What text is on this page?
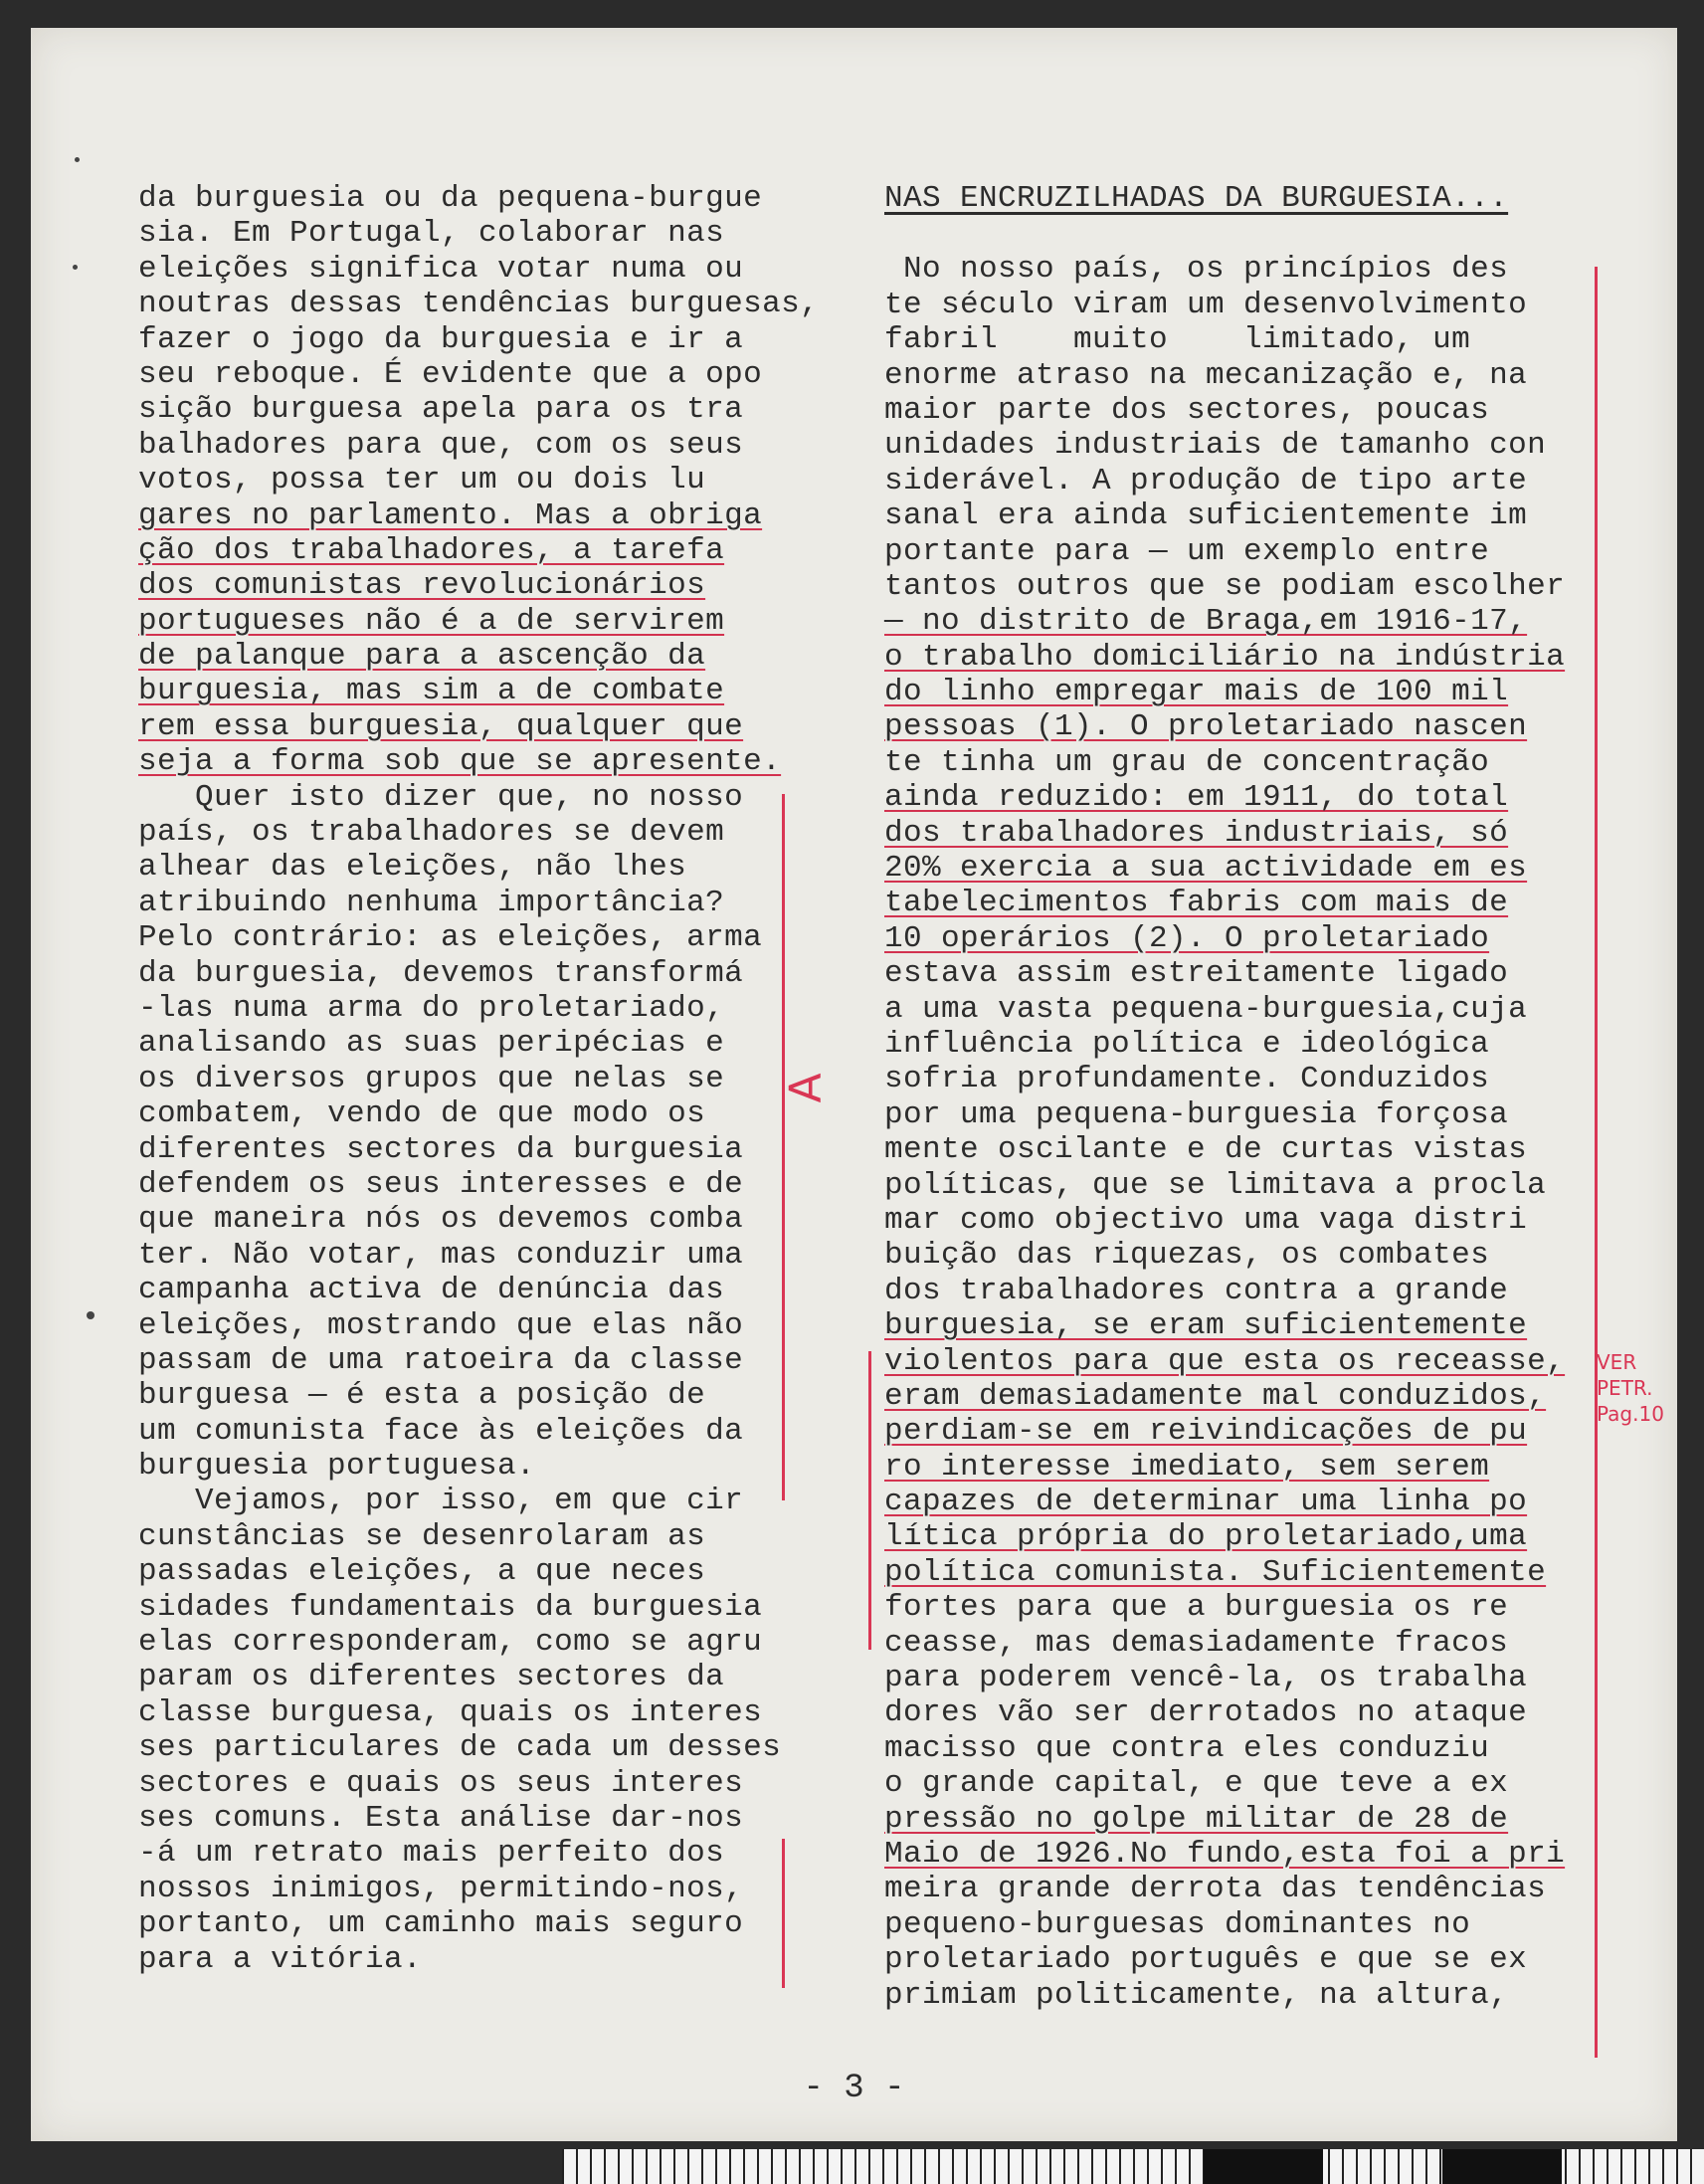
da burguesia ou da pequena-burgue
sia. Em Portugal, colaborar nas
eleições significa votar numa ou
noutras dessas tendências burguesas,
fazer o jogo da burguesia e ir a
seu reboque. É evidente que a opo
sição burguesa apela para os tra
balhadores para que, com os seus
votos, possa ter um ou dois lu
gares no parlamento. Mas a obriga
ção dos trabalhadores, a tarefa
dos comunistas revolucionários
portugueses não é a de servirem
de palanque para a ascenção da
burguesia, mas sim a de combate
rem essa burguesia, qualquer que
seja a forma sob que se apresente.
Quer isto dizer que, no nosso
país, os trabalhadores se devem
alhear das eleições, não lhes
atribuindo nenhuma importância?
Pelo contrário: as eleições, arma
da burguesia, devemos transformá
-las numa arma do proletariado,
analisando as suas peripécias e
os diversos grupos que nelas se
combatem, vendo de que modo os
diferentes sectores da burguesia
defendem os seus interesses e de
que maneira nós os devemos comba
ter. Não votar, mas conduzir uma
campanha activa de denúncia das
eleições, mostrando que elas não
passam de uma ratoeira da classe
burguesa — é esta a posição de
um comunista face às eleições da
burguesia portuguesa.
Vejamos, por isso, em que cir
cunstâncias se desenrolaram as
passadas eleições, a que neces
sidades fundamentais da burguesia
elas corresponderam, como se agru
param os diferentes sectores da
classe burguesa, quais os interes
ses particulares de cada um desses
sectores e quais os seus interes
ses comuns. Esta análise dar-nos
-á um retrato mais perfeito dos
nossos inimigos, permitindo-nos,
portanto, um caminho mais seguro
para a vitória.
NAS ENCRUZILHADAS DA BURGUESIA...
No nosso país, os princípios des
te século viram um desenvolvimento
fabril    muito    limitado, um
enorme atraso na mecanização e, na
maior parte dos sectores, poucas
unidades industriais de tamanho con
siderável. A produção de tipo arte
sanal era ainda suficientemente im
portante para — um exemplo entre
tantos outros que se podiam escolher
— no distrito de Braga,em 1916-17,
o trabalho domiciliário na indústria
do linho empregar mais de 100 mil
pessoas (1). O proletariado nascen
te tinha um grau de concentração
ainda reduzido: em 1911, do total
dos trabalhadores industriais, só
20% exercia a sua actividade em es
tabelecimentos fabris com mais de
10 operários (2). O proletariado
estava assim estreitamente ligado
a uma vasta pequena-burguesia,cuja
influência política e ideológica
sofria profundamente. Conduzidos
por uma pequena-burguesia forçosa
mente oscilante e de curtas vistas
políticas, que se limitava a procla
mar como objectivo uma vaga distri
buição das riquezas, os combates
dos trabalhadores contra a grande
burguesia, se eram suficientemente
violentos para que esta os receasse,
eram demasiadamente mal conduzidos,
perdiam-se em reivindicações de pu
ro interesse imediato, sem serem
capazes de determinar uma linha po
lítica própria do proletariado,uma
política comunista. Suficientemente
fortes para que a burguesia os re
ceasse, mas demasiadamente fracos
para poderem vencê-la, os trabalha
dores vão ser derrotados no ataque
macisso que contra eles conduziu
o grande capital, e que teve a ex
pressão no golpe militar de 28 de
Maio de 1926.No fundo,esta foi a pri
meira grande derrota das tendências
pequeno-burguesas dominantes no
proletariado português e que se ex
primiam politicamente, na altura,
A
VER
PETR.
Pag.10
- 3 -
